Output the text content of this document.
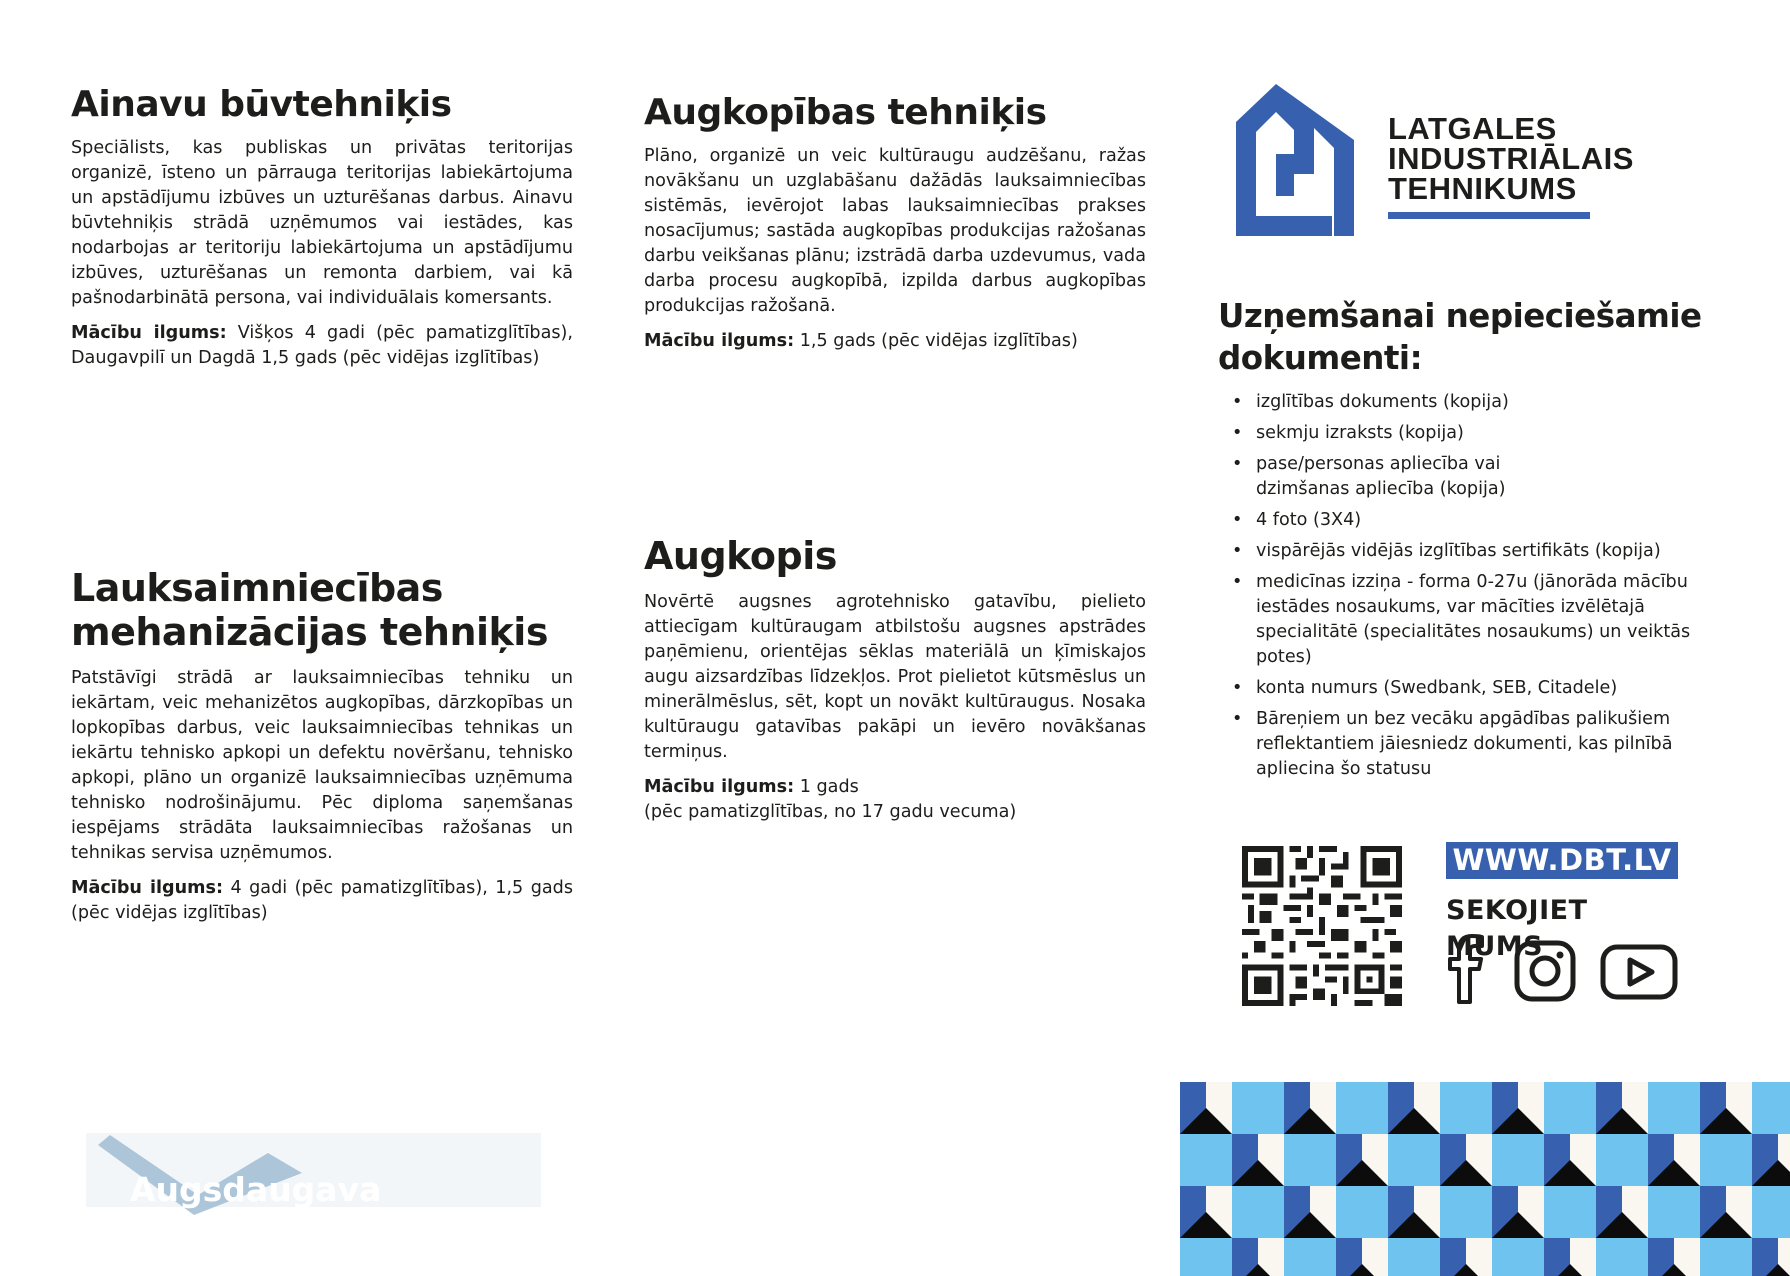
Ainavu būvtehniķis

Speciālists, kas publiskas un privātas teritorijas organizē, īsteno un pārrauga teritorijas labiekārtojuma un apstādījumu izbūves un uzturēšanas darbus. Ainavu būvtehniķis strādā uzņēmumos vai iestādes, kas nodarbojas ar teritoriju labiekārtojuma un apstādījumu izbūves, uzturēšanas un remonta darbiem, vai kā pašnodarbinātā persona, vai individuālais komersants.

Mācību ilgums: Višķos 4 gadi (pēc pamatizglītības), Daugavpilī un Dagdā 1,5 gads (pēc vidējas izglītības)

Augkopības tehniķis

Plāno, organizē un veic kultūraugu audzēšanu, ražas novākšanu un uzglabāšanu dažādās lauksaimniecības sistēmās, ievērojot labas lauksaimniecības prakses nosacījumus; sastāda augkopības produkcijas ražošanas darbu veikšanas plānu; izstrādā darba uzdevumus, vada darba procesu augkopībā, izpilda darbus augkopības produkcijas ražošanā.

Mācību ilgums: 1,5 gads (pēc vidējas izglītības)

Lauksaimniecības
mehanizācijas tehniķis

Patstāvīgi strādā ar lauksaimniecības tehniku un iekārtam, veic mehanizētos augkopības, dārzkopības un lopkopības darbus, veic lauksaimniecības tehnikas un iekārtu tehnisko apkopi un defektu novēršanu, tehnisko apkopi, plāno un organizē lauksaimniecības uzņēmuma tehnisko nodrošinājumu. Pēc diploma saņemšanas iespējams strādāta lauksaimniecības ražošanas un tehnikas servisa uzņēmumos.

Mācību ilgums: 4 gadi (pēc pamatizglītības), 1,5 gads (pēc vidējas izglītības)

Augkopis

Novērtē augsnes agrotehnisko gatavību, pielieto attiecīgam kultūraugam atbilstošu augsnes apstrādes paņēmienu, orientējas sēklas materiālā un ķīmiskajos augu aizsardzības līdzekļos. Prot pielietot kūtsmēslus un minerālmēslus, sēt, kopt un novākt kultūraugus. Nosaka kultūraugu gatavības pakāpi un ievēro novākšanas termiņus.

Mācību ilgums: 1 gads
(pēc pamatizglītības, no 17 gadu vecuma)

LATGALES
INDUSTRIĀLAIS
TEHNIKUMS
Uzņemšanai nepieciešamie
dokumenti:
• izglītības dokuments (kopija)
• sekmju izraksts (kopija)
• pase/personas apliecība vai dzimšanas apliecība (kopija)
• 4 foto (3X4)
• vispārējās vidējās izglītības sertifikāts (kopija)
• medicīnas izziņa - forma 0-27u (jānorāda mācību iestādes nosaukums, var mācīties izvēlētajā specialitātē (specialitātes nosaukums) un veiktās potes)
• konta numurs (Swedbank, SEB, Citadele)
• Bāreņiem un bez vecāku apgādības palikušiem reflektantiem jāiesniedz dokumenti, kas pilnībā apliecina šo statusu
WWW.DBT.LV
SEKOJIET MUMS
Augsdaugava
